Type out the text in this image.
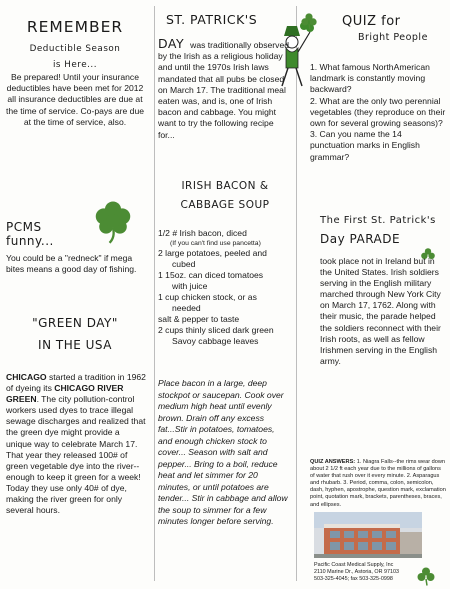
REMEMBER
Deductible Season
is Here...

Be prepared! Until your insurance deductibles have been met for 2012 all insurance deductibles are due at the time of service. Co-pays are due at the time of service, also.

PCMS funny...

You could be a "redneck" if mega bites means a good day of fishing.

"GREEN DAY"
IN THE USA

CHICAGO started a tradition in 1962 of dyeing its CHICAGO RIVER GREEN. The city pollution-control workers used dyes to trace illegal sewage discharges and realized that the green dye might provide a unique way to celebrate March 17. That year they released 100# of green vegetable dye into the river--enough to keep it green for a week! Today they use only 40# of dye, making the river green for only several hours.

ST. PATRICK'S

DAY was traditionally observed by the Irish as a religious holiday and until the 1970s Irish laws mandated that all pubs be closed on March 17. The traditional meal eaten was, and is, one of Irish bacon and cabbage. You might want to try the following recipe for...

IRISH BACON &
CABBAGE SOUP

1/2 # Irish bacon, diced

(If you can't find use pancetta)

2 large potatoes, peeled and

cubed

1 15oz. can diced tomatoes

with juice

1 cup chicken stock, or as

needed

salt & pepper to taste

2 cups thinly sliced dark green

Savoy cabbage leaves

Place bacon in a large, deep stockpot or saucepan. Cook over medium high heat until evenly brown. Drain off any excess fat...Stir in potatoes, tomatoes, and enough chicken stock to cover... Season with salt and pepper... Bring to a boil, reduce heat and let simmer for 20 minutes, or until potatoes are tender... Stir in cabbage and allow the soup to simmer for a few minutes longer before serving.

QUIZ for
Bright People

1. What famous NorthAmerican landmark is constantly moving backward?

2. What are the only two perennial vegetables (they reproduce on their own for several growing seasons)?

3. Can you name the 14 punctuation marks in English grammar?

The First St. Patrick's
Day PARADE

took place not in Ireland but in the United States. Irish soldiers serving in the English military marched through New York City on March 17, 1762. Along with their music, the parade helped the soldiers reconnect with their Irish roots, as well as fellow Irishmen serving in the English army.

QUIZ ANSWERS: 1. Niagra Falls--the rims wear down about 2 1/2 ft each year due to the millions of gallons of water that rush over it every minute. 2. Asparagus and rhubarb. 3. Period, comma, colon, semicolon, dash, hyphen, apostrophe, question mark, exclamation point, quotation mark, brackets, parentheses, braces, and ellipses.

Pacific Coast Medical Supply, Inc
2110 Marine Dr., Astoria, OR 97103
503-325-4045; fax 503-325-0998
